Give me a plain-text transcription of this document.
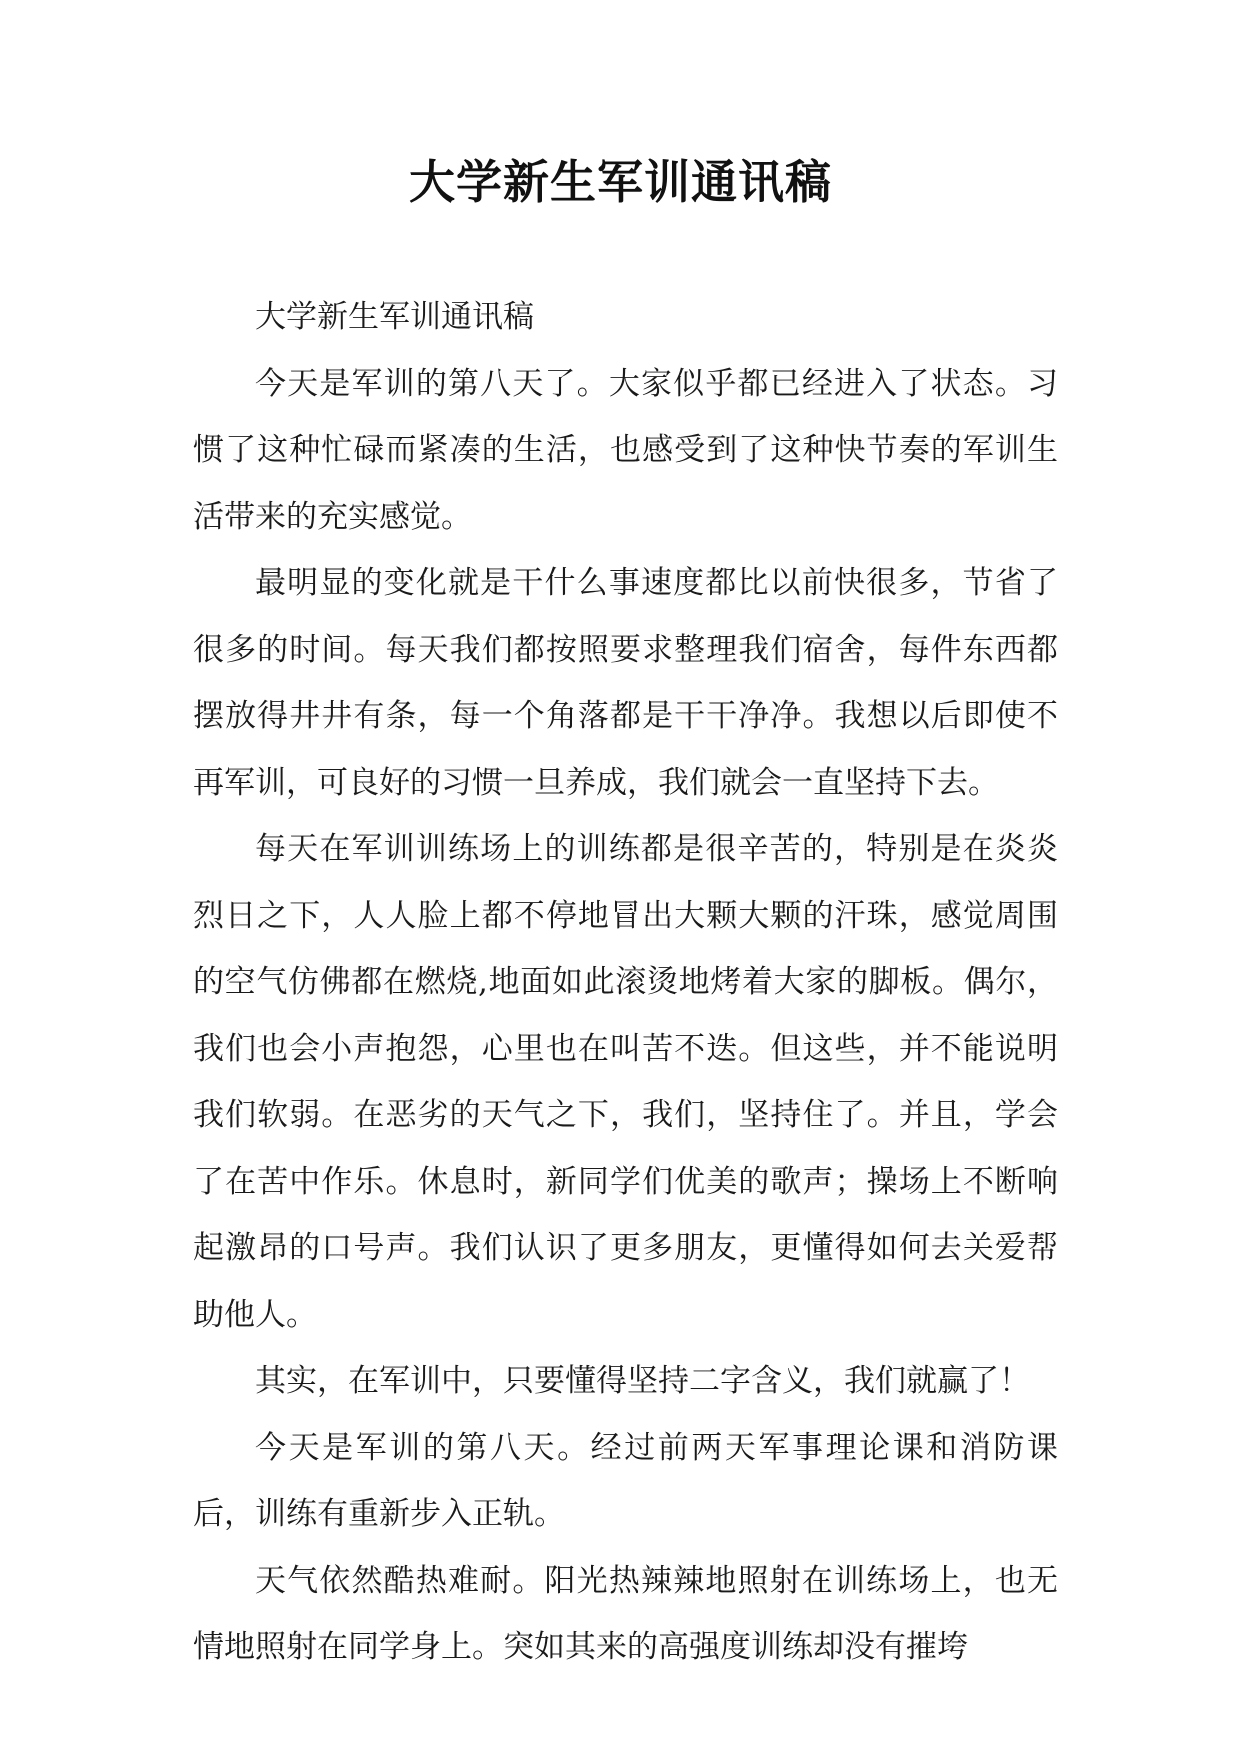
大学新生军训通讯稿

大学新生军训通讯稿

今天是军训的第八天了。大家似乎都已经进入了状态。习惯了这种忙碌而紧凑的生活，也感受到了这种快节奏的军训生活带来的充实感觉。

最明显的变化就是干什么事速度都比以前快很多，节省了很多的时间。每天我们都按照要求整理我们宿舍，每件东西都摆放得井井有条，每一个角落都是干干净净。我想以后即使不再军训，可良好的习惯一旦养成，我们就会一直坚持下去。

每天在军训训练场上的训练都是很辛苦的，特别是在炎炎烈日之下，人人脸上都不停地冒出大颗大颗的汗珠，感觉周围的空气仿佛都在燃烧,地面如此滚烫地烤着大家的脚板。偶尔，我们也会小声抱怨，心里也在叫苦不迭。但这些，并不能说明我们软弱。在恶劣的天气之下，我们，坚持住了。并且，学会了在苦中作乐。休息时，新同学们优美的歌声；操场上不断响起激昂的口号声。我们认识了更多朋友，更懂得如何去关爱帮助他人。

其实，在军训中，只要懂得坚持二字含义，我们就赢了！

今天是军训的第八天。经过前两天军事理论课和消防课后，训练有重新步入正轨。

天气依然酷热难耐。阳光热辣辣地照射在训练场上，也无情地照射在同学身上。突如其来的高强度训练却没有摧垮
